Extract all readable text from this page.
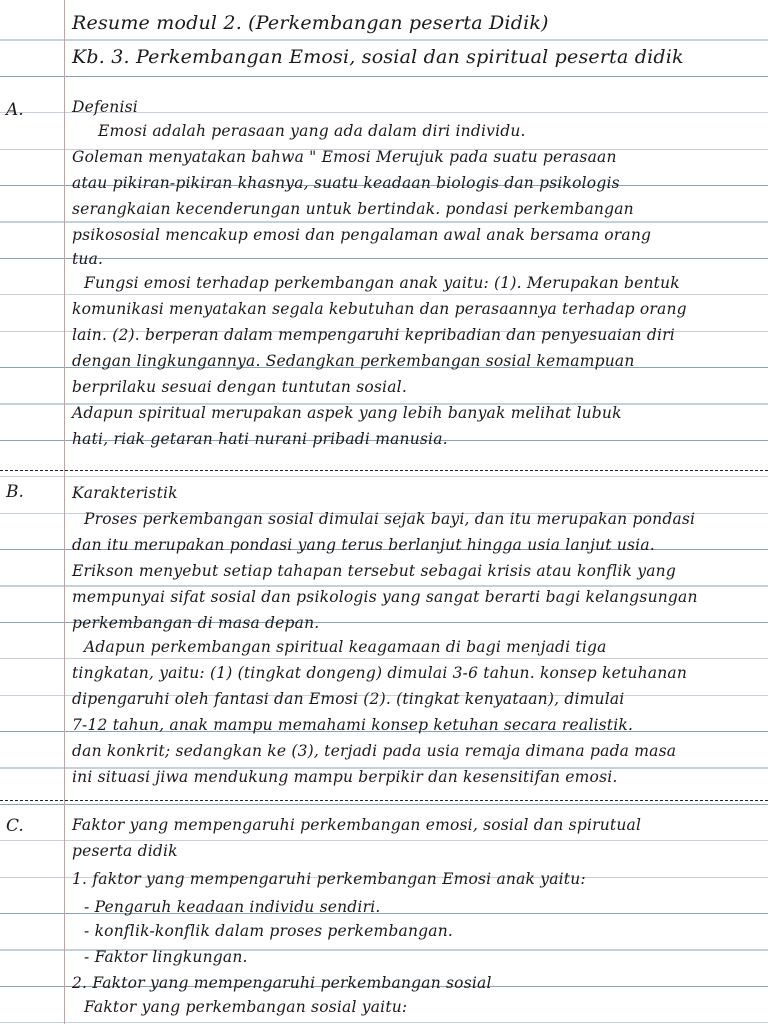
Resume modul 2. (Perkembangan peserta Didik)
Kb. 3. Perkembangan Emosi, sosial dan spiritual peserta didik
A.	Defenisi
Emosi adalah perasaan yang ada dalam diri individu.
Goleman menyatakan bahwa " Emosi Merujuk pada suatu perasaan
atau pikiran-pikiran khasnya, suatu keadaan biologis dan psikologis
serangkaian kecenderungan untuk bertindak. pondasi perkembangan
psikososial mencakup emosi dan pengalaman awal anak bersama orang
tua.
Fungsi emosi terhadap perkembangan anak yaitu: (1). Merupakan bentuk
komunikasi menyatakan segala kebutuhan dan perasaannya terhadap orang
lain. (2). berperan dalam mempengaruhi kepribadian dan penyesuaian diri
dengan lingkungannya. Sedangkan perkembangan sosial kemampuan
berprilaku sesuai dengan tuntutan sosial.
Adapun spiritual merupakan aspek yang lebih banyak melihat lubuk
hati, riak getaran hati nurani pribadi manusia.
B.	Karakteristik
Proses perkembangan sosial dimulai sejak bayi, dan itu merupakan pondasi
dan itu merupakan pondasi yang terus berlanjut hingga usia lanjut usia.
Erikson menyebut setiap tahapan tersebut sebagai krisis atau konflik yang
mempunyai sifat sosial dan psikologis yang sangat berarti bagi kelangsungan
perkembangan di masa depan.
Adapun perkembangan spiritual keagamaan di bagi menjadi tiga
tingkatan, yaitu: (1) (tingkat dongeng) dimulai 3-6 tahun. konsep ketuhanan
dipengaruhi oleh fantasi dan Emosi (2). (tingkat kenyataan), dimulai
7-12 tahun, anak mampu memahami konsep ketuhan secara realistik.
dan konkrit; sedangkan ke (3), terjadi pada usia remaja dimana pada masa
ini situasi jiwa mendukung mampu berpikir dan kesensitifan emosi.
C.	Faktor yang mempengaruhi perkembangan emosi, sosial dan spirutual
peserta didik
1. faktor yang mempengaruhi perkembangan Emosi anak yaitu:
- Pengaruh keadaan individu sendiri.
- konflik-konflik dalam proses perkembangan.
- Faktor lingkungan.
2. Faktor yang mempengaruhi perkembangan sosial
Faktor yang perkembangan sosial yaitu:
